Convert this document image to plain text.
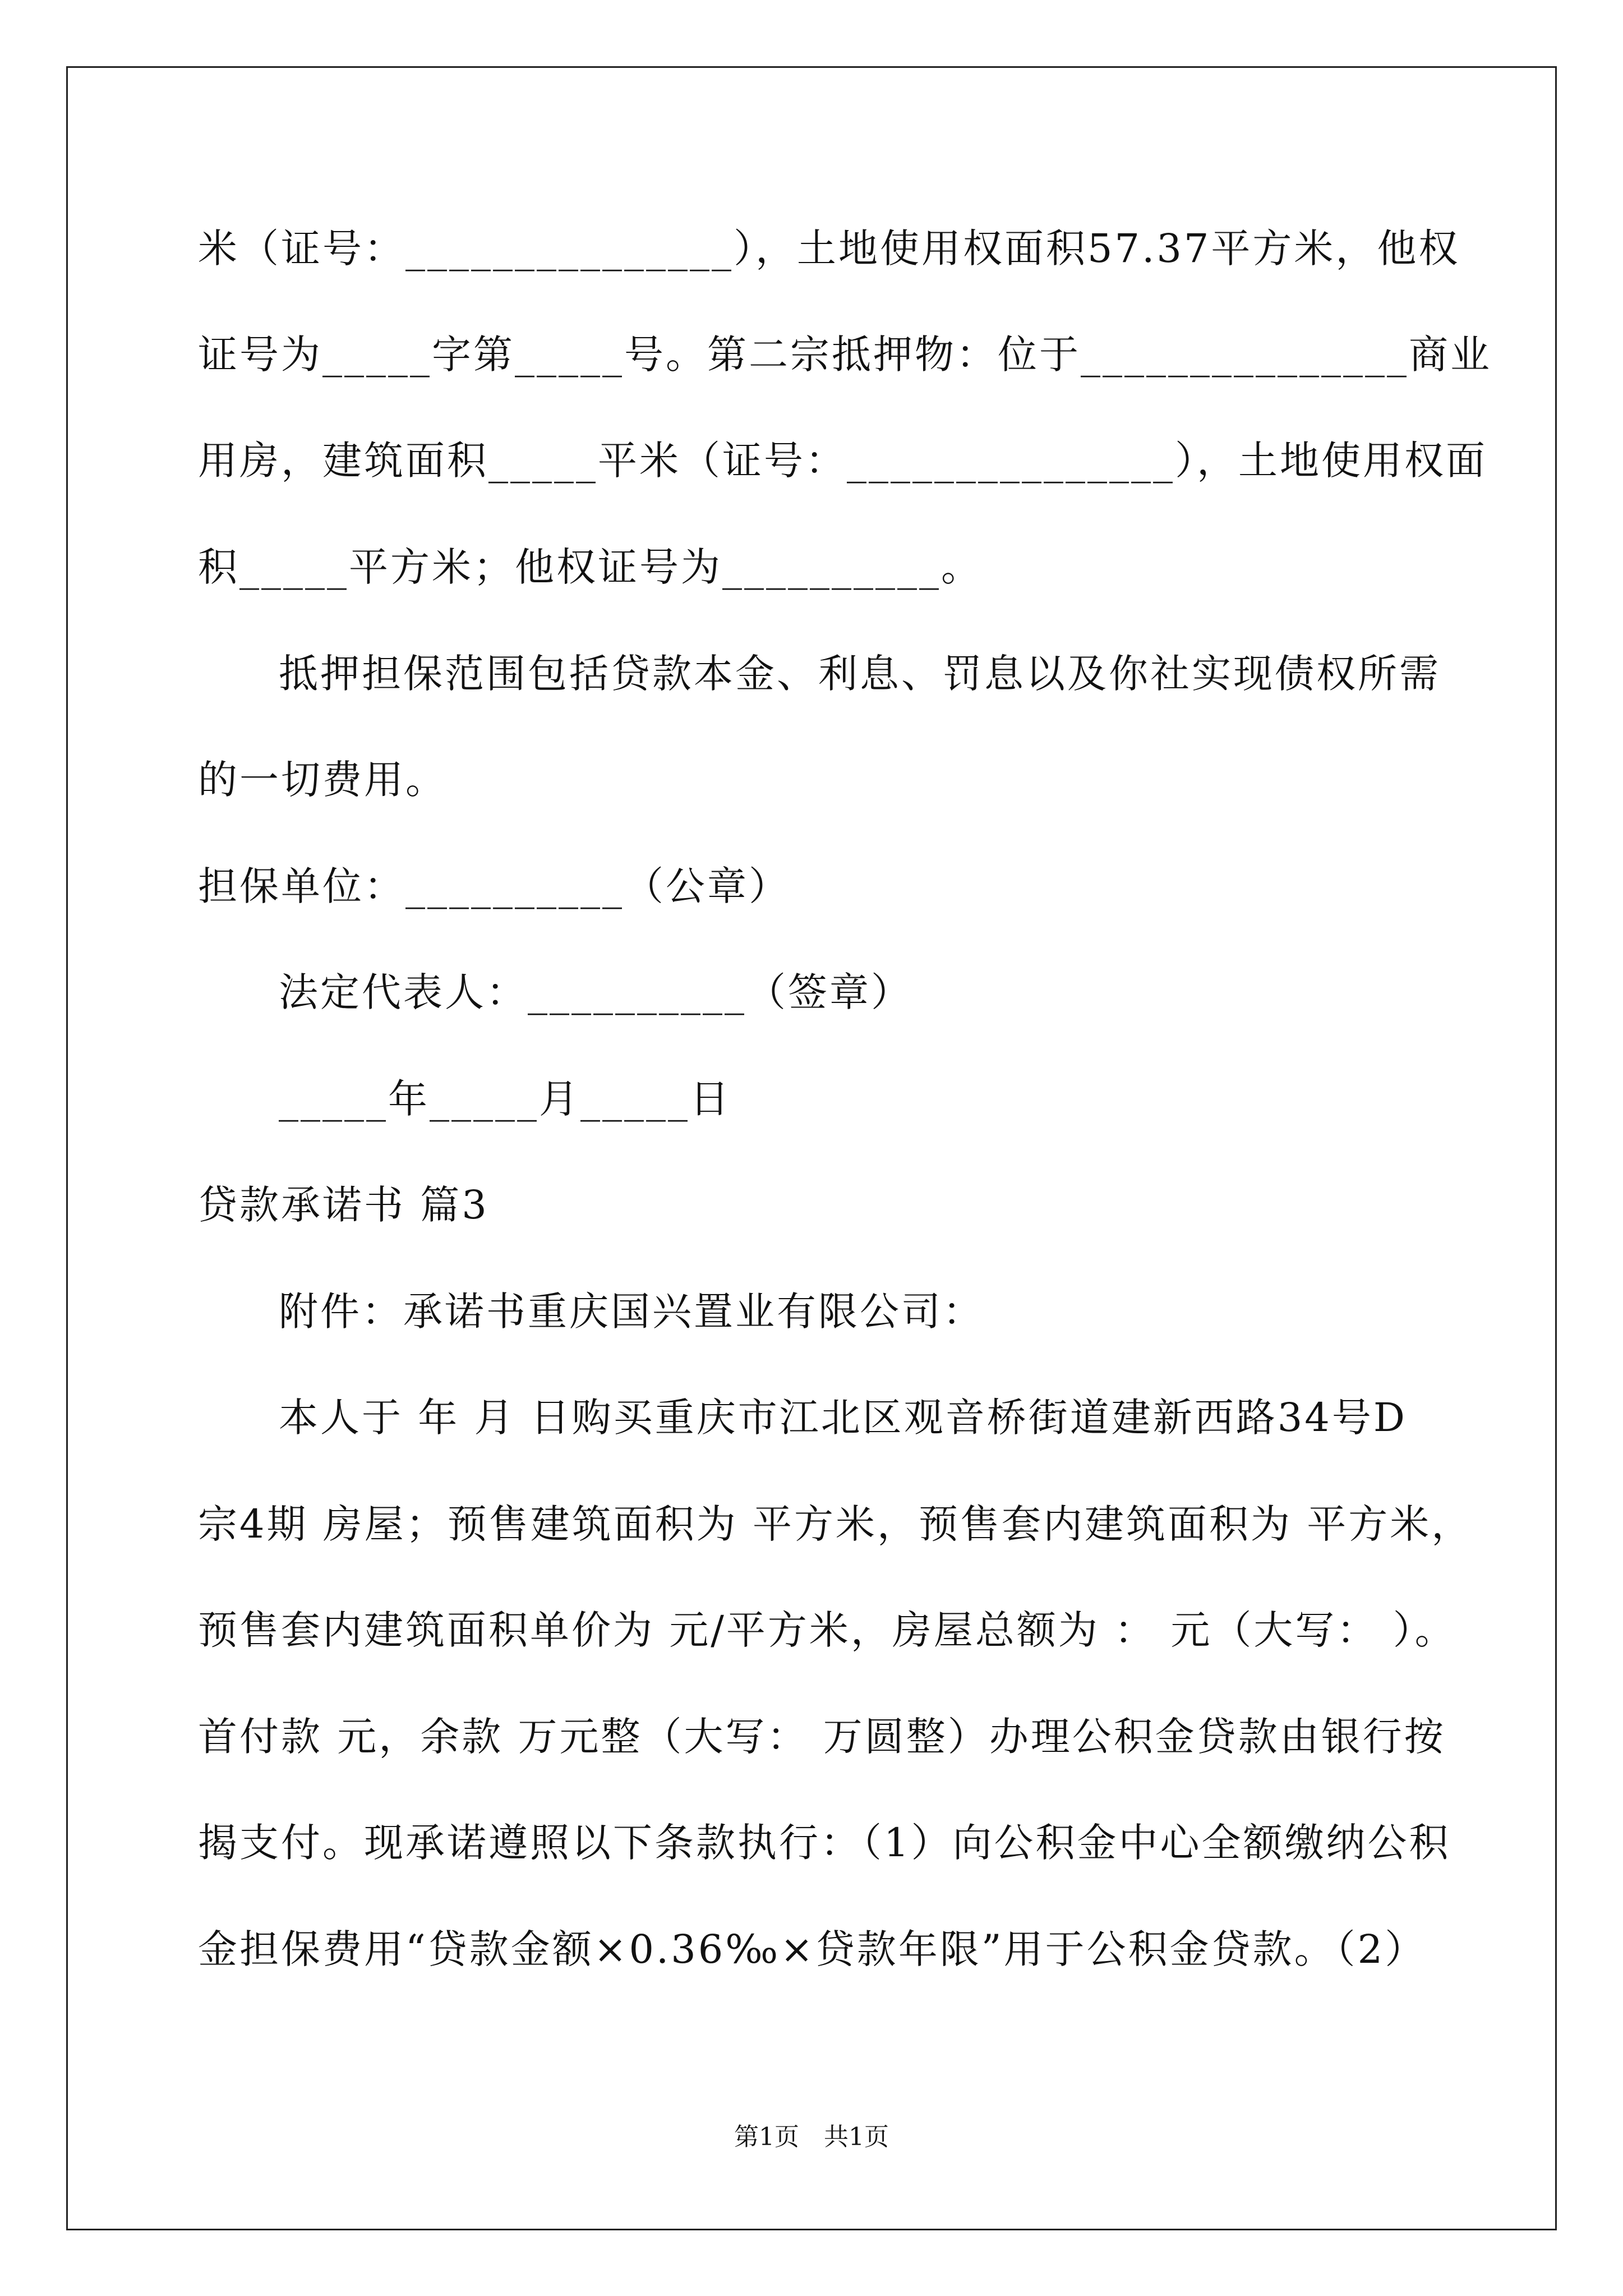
米（证号：_______________），土地使用权面积57.37平方米，他权

证号为_____字第_____号。第二宗抵押物：位于_______________商业

用房，建筑面积_____平米（证号：_______________），土地使用权面

积_____平方米；他权证号为__________。

抵押担保范围包括贷款本金、利息、罚息以及你社实现债权所需

的一切费用。

担保单位：__________（公章）

法定代表人：__________（签章）

_____年_____月_____日

贷款承诺书 篇3

附件：承诺书重庆国兴置业有限公司：

本人于 年 月 日购买重庆市江北区观音桥街道建新西路34号D

宗4期 房屋；预售建筑面积为 平方米，预售套内建筑面积为 平方米，

预售套内建筑面积单价为 元/平方米，房屋总额为 ： 元（大写： ）。

首付款 元，余款 万元整（大写： 万圆整）办理公积金贷款由银行按

揭支付。现承诺遵照以下条款执行：（1）向公积金中心全额缴纳公积

金担保费用“贷款金额×0.36‰×贷款年限”用于公积金贷款。（2）

第1页　共1页
